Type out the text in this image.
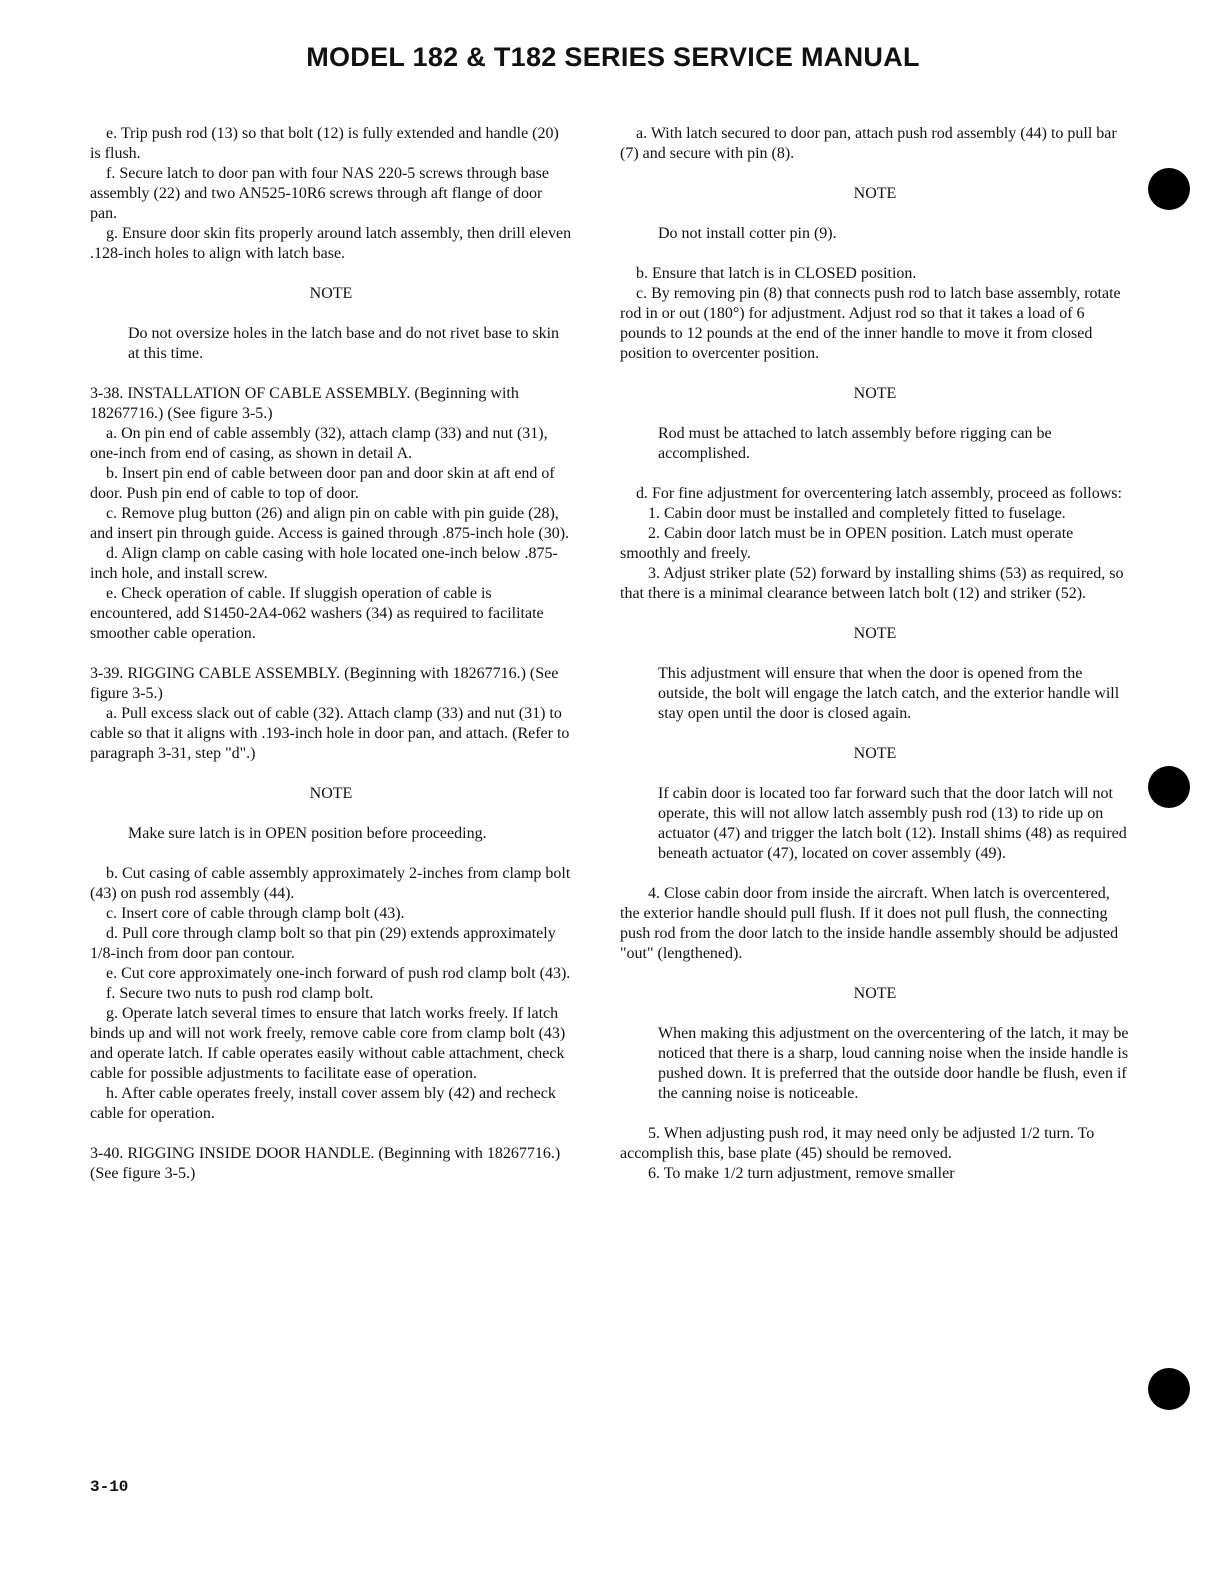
MODEL 182 & T182 SERIES SERVICE MANUAL

e. Trip push rod (13) so that bolt (12) is fully extended and handle (20) is flush.

f. Secure latch to door pan with four NAS 220-5 screws through base assembly (22) and two AN525-10R6 screws through aft flange of door pan.

g. Ensure door skin fits properly around latch assembly, then drill eleven .128-inch holes to align with latch base.

NOTE

Do not oversize holes in the latch base and do not rivet base to skin at this time.

3-38. INSTALLATION OF CABLE ASSEMBLY. (Beginning with 18267716.) (See figure 3-5.)

a. On pin end of cable assembly (32), attach clamp (33) and nut (31), one-inch from end of casing, as shown in detail A.

b. Insert pin end of cable between door pan and door skin at aft end of door. Push pin end of cable to top of door.

c. Remove plug button (26) and align pin on cable with pin guide (28), and insert pin through guide. Access is gained through .875-inch hole (30).

d. Align clamp on cable casing with hole located one-inch below .875-inch hole, and install screw.

e. Check operation of cable. If sluggish operation of cable is encountered, add S1450-2A4-062 washers (34) as required to facilitate smoother cable operation.

3-39. RIGGING CABLE ASSEMBLY. (Beginning with 18267716.) (See figure 3-5.)

a. Pull excess slack out of cable (32). Attach clamp (33) and nut (31) to cable so that it aligns with .193-inch hole in door pan, and attach. (Refer to paragraph 3-31, step "d".)

NOTE

Make sure latch is in OPEN position before proceeding.

b. Cut casing of cable assembly approximately 2-inches from clamp bolt (43) on push rod assembly (44).

c. Insert core of cable through clamp bolt (43).

d. Pull core through clamp bolt so that pin (29) extends approximately 1/8-inch from door pan contour.

e. Cut core approximately one-inch forward of push rod clamp bolt (43).

f. Secure two nuts to push rod clamp bolt.

g. Operate latch several times to ensure that latch works freely. If latch binds up and will not work freely, remove cable core from clamp bolt (43) and operate latch. If cable operates easily without cable attachment, check cable for possible adjustments to facilitate ease of operation.

h. After cable operates freely, install cover assem bly (42) and recheck cable for operation.

3-40. RIGGING INSIDE DOOR HANDLE. (Beginning with 18267716.) (See figure 3-5.)

a. With latch secured to door pan, attach push rod assembly (44) to pull bar (7) and secure with pin (8).

NOTE

Do not install cotter pin (9).

b. Ensure that latch is in CLOSED position.

c. By removing pin (8) that connects push rod to latch base assembly, rotate rod in or out (180°) for adjustment. Adjust rod so that it takes a load of 6 pounds to 12 pounds at the end of the inner handle to move it from closed position to overcenter position.

NOTE

Rod must be attached to latch assembly before rigging can be accomplished.

d. For fine adjustment for overcentering latch assembly, proceed as follows:

1. Cabin door must be installed and completely fitted to fuselage.

2. Cabin door latch must be in OPEN position. Latch must operate smoothly and freely.

3. Adjust striker plate (52) forward by installing shims (53) as required, so that there is a minimal clearance between latch bolt (12) and striker (52).

NOTE

This adjustment will ensure that when the door is opened from the outside, the bolt will engage the latch catch, and the exterior handle will stay open until the door is closed again.

NOTE

If cabin door is located too far forward such that the door latch will not operate, this will not allow latch assembly push rod (13) to ride up on actuator (47) and trigger the latch bolt (12). Install shims (48) as required beneath actuator (47), located on cover assembly (49).

4. Close cabin door from inside the aircraft. When latch is overcentered, the exterior handle should pull flush. If it does not pull flush, the connecting push rod from the door latch to the inside handle assembly should be adjusted "out" (lengthened).

NOTE

When making this adjustment on the overcentering of the latch, it may be noticed that there is a sharp, loud canning noise when the inside handle is pushed down. It is preferred that the outside door handle be flush, even if the canning noise is noticeable.

5. When adjusting push rod, it may need only be adjusted 1/2 turn. To accomplish this, base plate (45) should be removed.

6. To make 1/2 turn adjustment, remove smaller

3-10
